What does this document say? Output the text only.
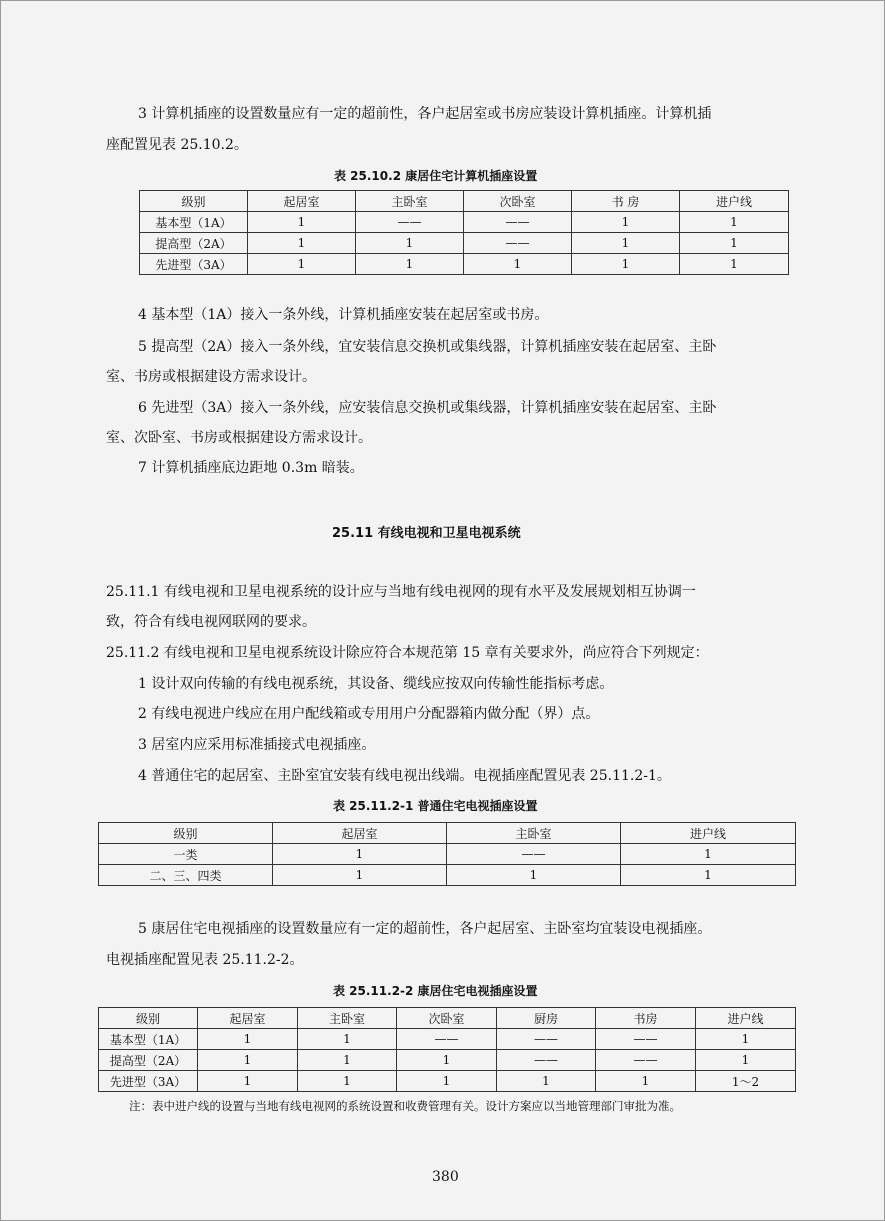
3 计算机插座的设置数量应有一定的超前性，各户起居室或书房应装设计算机插座。计算机插
座配置见表 25.10.2。
表 25.10.2 康居住宅计算机插座设置
级别	起居室	主卧室	次卧室	书 房	进户线
基本型（1A）	1	——	——	1	1
提高型（2A）	1	1	——	1	1
先进型（3A）	1	1	1	1	1
4 基本型（1A）接入一条外线，计算机插座安装在起居室或书房。
5 提高型（2A）接入一条外线，宜安装信息交换机或集线器，计算机插座安装在起居室、主卧
室、书房或根据建设方需求设计。
6 先进型（3A）接入一条外线，应安装信息交换机或集线器，计算机插座安装在起居室、主卧
室、次卧室、书房或根据建设方需求设计。
7 计算机插座底边距地 0.3m 暗装。
25.11 有线电视和卫星电视系统
25.11.1 有线电视和卫星电视系统的设计应与当地有线电视网的现有水平及发展规划相互协调一
致，符合有线电视网联网的要求。
25.11.2 有线电视和卫星电视系统设计除应符合本规范第 15 章有关要求外，尚应符合下列规定：
1 设计双向传输的有线电视系统，其设备、缆线应按双向传输性能指标考虑。
2 有线电视进户线应在用户配线箱或专用用户分配器箱内做分配（界）点。
3 居室内应采用标准插接式电视插座。
4 普通住宅的起居室、主卧室宜安装有线电视出线端。电视插座配置见表 25.11.2-1。
表 25.11.2-1 普通住宅电视插座设置
级别	起居室	主卧室	进户线
一类	1	——	1
二、三、四类	1	1	1
5 康居住宅电视插座的设置数量应有一定的超前性，各户起居室、主卧室均宜装设电视插座。
电视插座配置见表 25.11.2-2。
表 25.11.2-2 康居住宅电视插座设置
级别	起居室	主卧室	次卧室	厨房	书房	进户线
基本型（1A）	1	1	——	——	——	1
提高型（2A）	1	1	1	——	——	1
先进型（3A）	1	1	1	1	1	1～2
注：表中进户线的设置与当地有线电视网的系统设置和收费管理有关。设计方案应以当地管理部门审批为准。
380
